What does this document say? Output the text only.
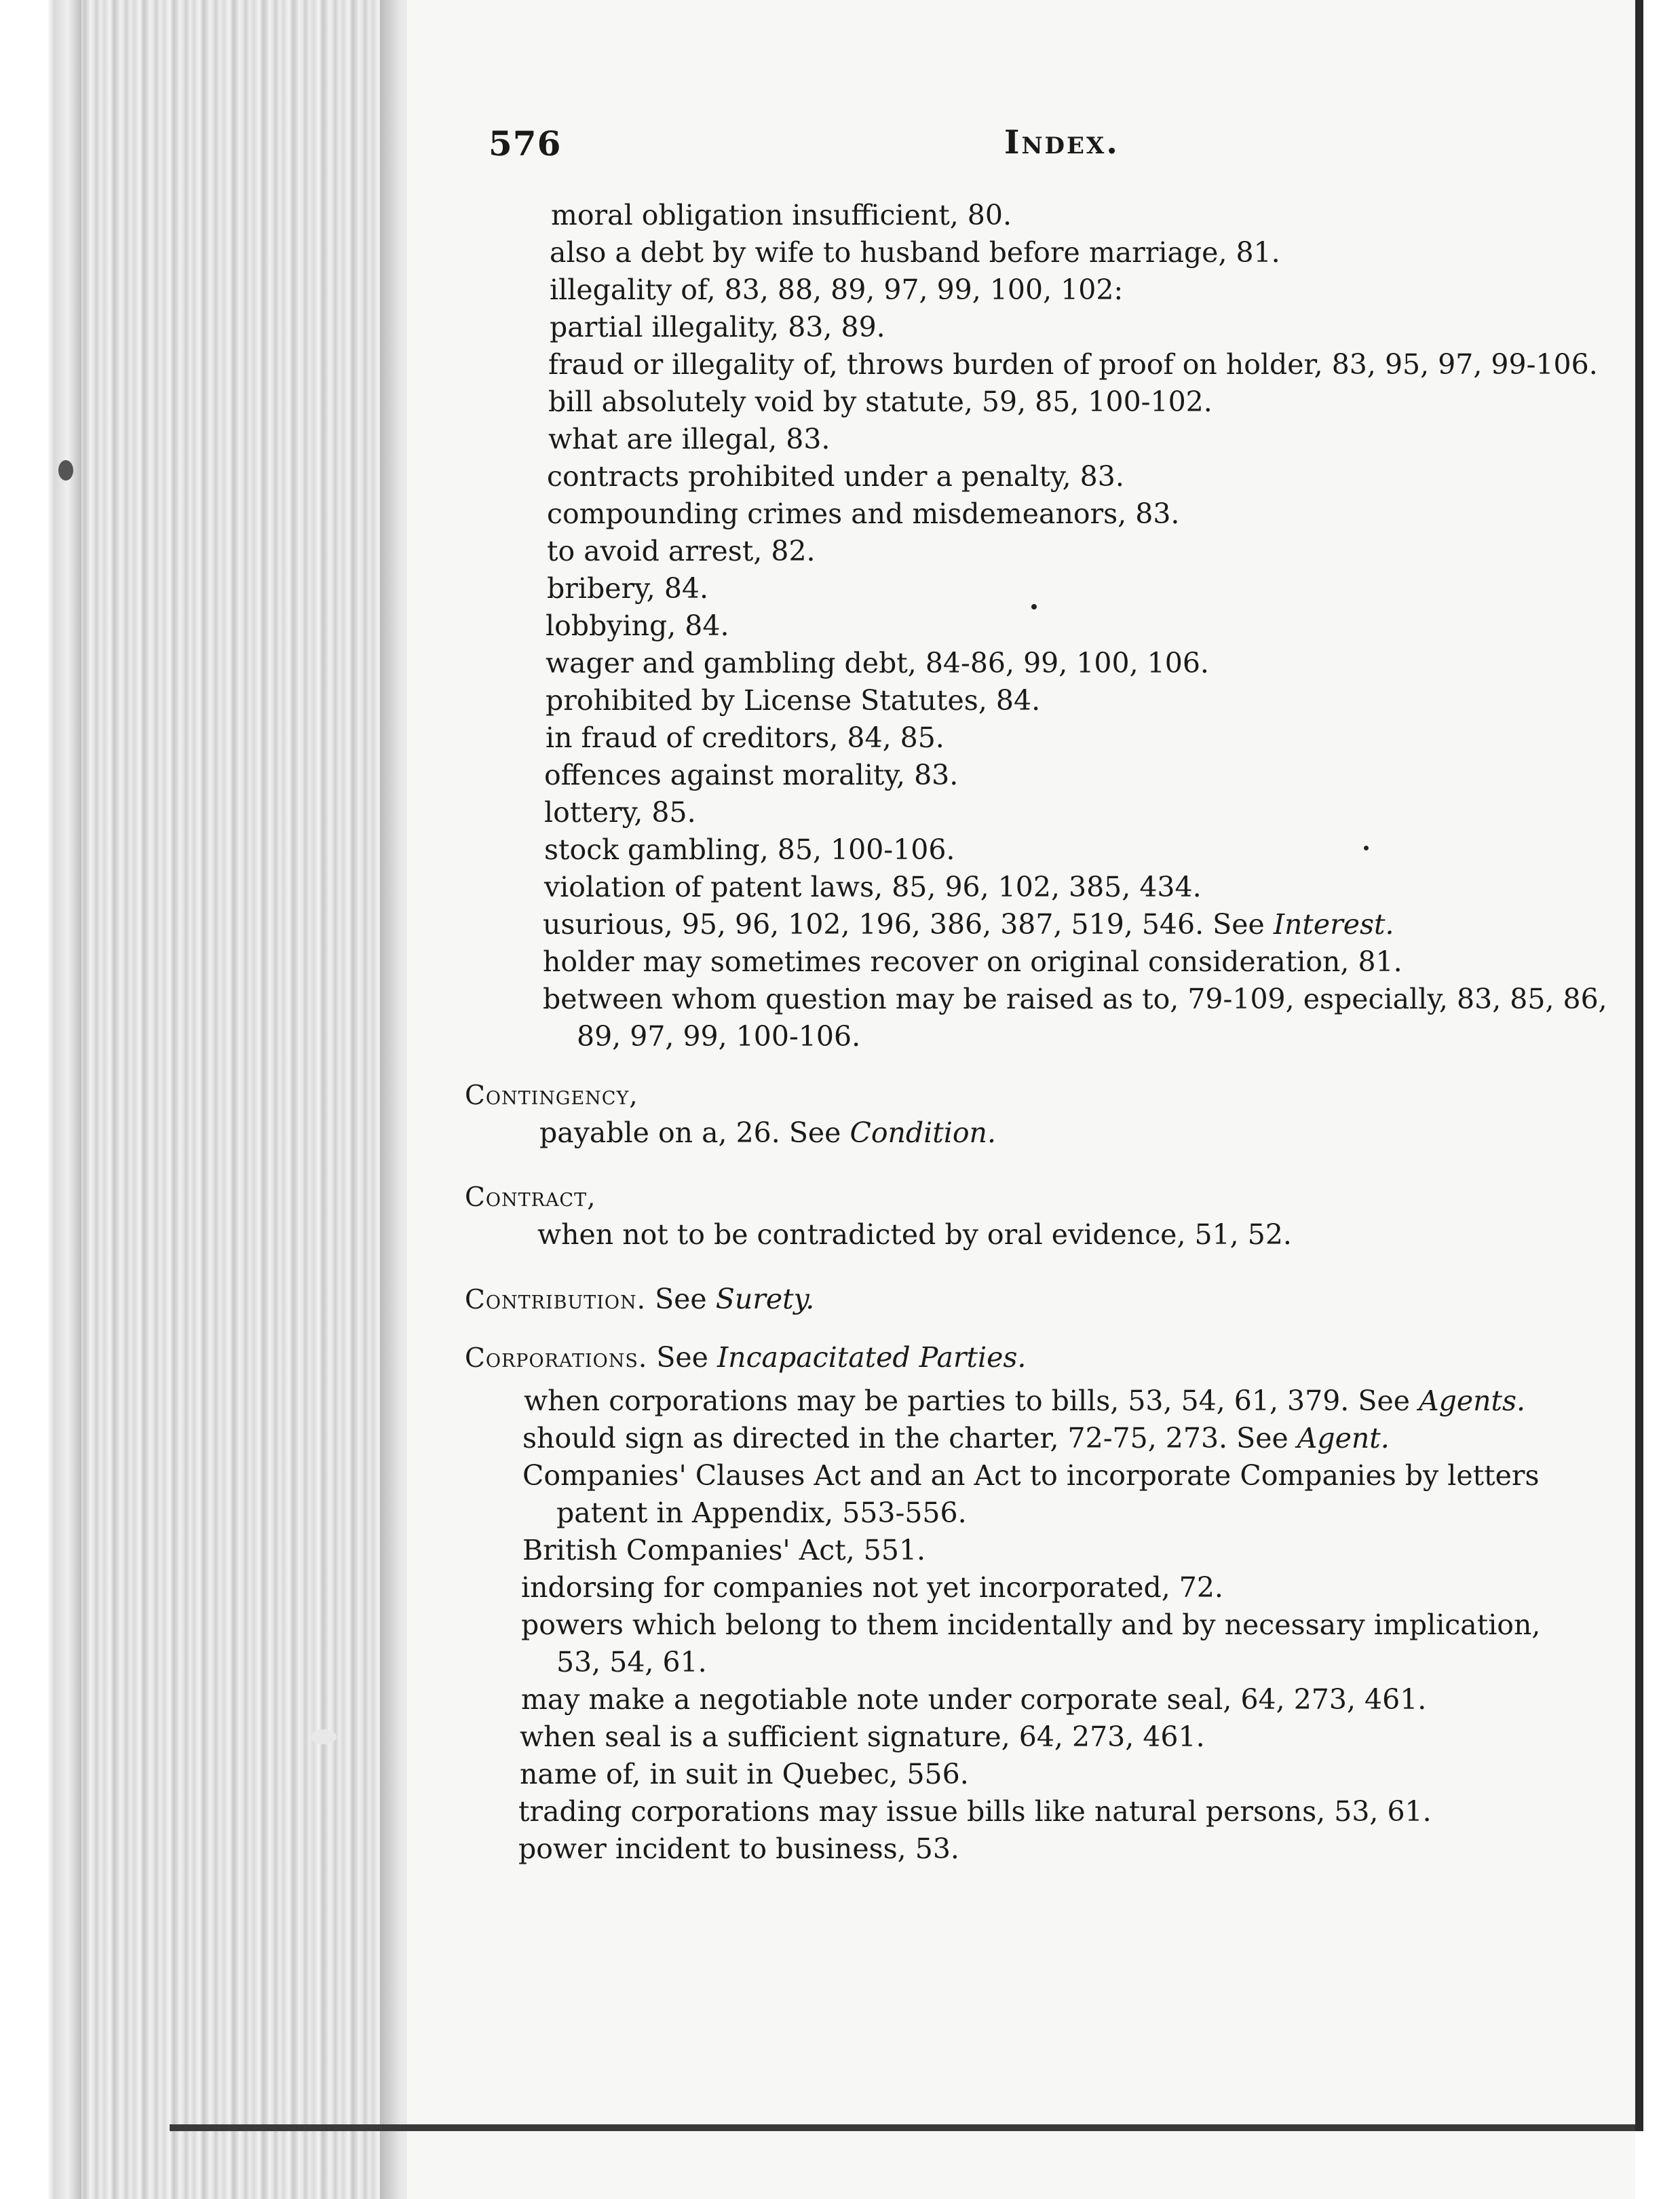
576	Index.
moral obligation insufficient, 80.
also a debt by wife to husband before marriage, 81.
illegality of, 83, 88, 89, 97, 99, 100, 102:
partial illegality, 83, 89.
fraud or illegality of, throws burden of proof on holder, 83, 95, 97, 99-106.
bill absolutely void by statute, 59, 85, 100-102.
what are illegal, 83.
contracts prohibited under a penalty, 83.
compounding crimes and misdemeanors, 83.
to avoid arrest, 82.
bribery, 84.
lobbying, 84.
wager and gambling debt, 84-86, 99, 100, 106.
prohibited by License Statutes, 84.
in fraud of creditors, 84, 85.
offences against morality, 83.
lottery, 85.
stock gambling, 85, 100-106.
violation of patent laws, 85, 96, 102, 385, 434.
usurious, 95, 96, 102, 196, 386, 387, 519, 546. See Interest.
holder may sometimes recover on original consideration, 81.
between whom question may be raised as to, 79-109, especially, 83, 85, 86,
89, 97, 99, 100-106.
Contingency,
payable on a, 26. See Condition.
Contract,
when not to be contradicted by oral evidence, 51, 52.
Contribution. See Surety.
Corporations. See Incapacitated Parties.
when corporations may be parties to bills, 53, 54, 61, 379. See Agents.
should sign as directed in the charter, 72-75, 273. See Agent.
Companies' Clauses Act and an Act to incorporate Companies by letters
patent in Appendix, 553-556.
British Companies' Act, 551.
indorsing for companies not yet incorporated, 72.
powers which belong to them incidentally and by necessary implication,
53, 54, 61.
may make a negotiable note under corporate seal, 64, 273, 461.
when seal is a sufficient signature, 64, 273, 461.
name of, in suit in Quebec, 556.
trading corporations may issue bills like natural persons, 53, 61.
power incident to business, 53.
